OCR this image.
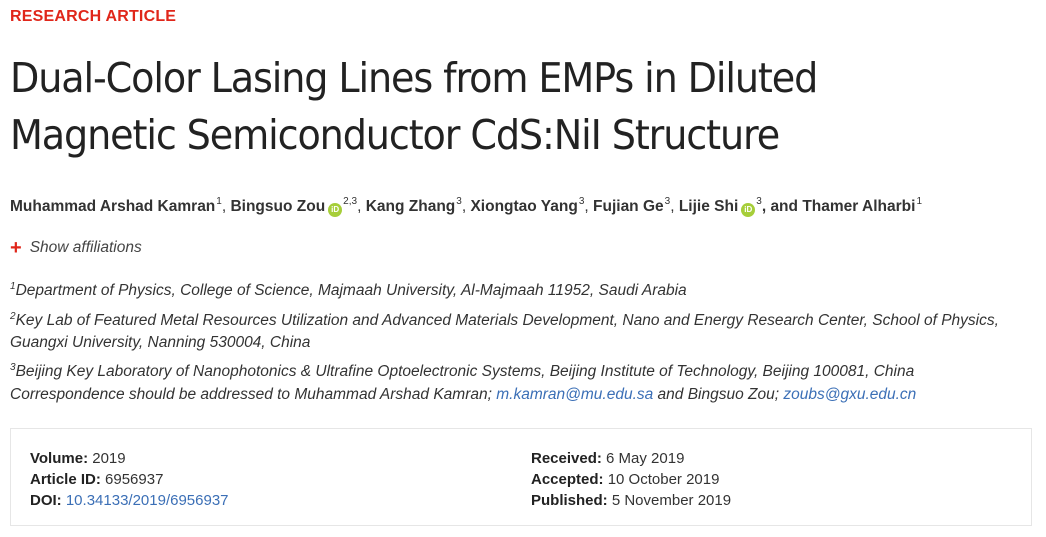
RESEARCH ARTICLE
Dual-Color Lasing Lines from EMPs in Diluted
Magnetic Semiconductor CdS:NiI Structure
Muhammad Arshad Kamran$^1$, Bingsuo Zou iD$^{2,3}$, Kang Zhang$^3$, Xiongtao Yang$^3$, Fujian Ge$^3$, Lijie Shi $iD^3$, and Thamer Alharbi$^1$
+ Show affiliations
$^1$Department of Physics, College of Science, Majmaah University, Al-Majmaah 11952, Saudi Arabia
$^2$Key Lab of Featured Metal Resources Utilization and Advanced Materials Development, Nano and Energy Research Center, School of Physics, Guangxi University, Nanning 530004, China
$^3$Beijing Key Laboratory of Nanophotonics & Ultrafine Optoelectronic Systems, Beijing Institute of Technology, Beijing 100081, China
Correspondence should be addressed to Muhammad Arshad Kamran; m.kamran@mu.edu.sa and Bingsuo Zou; zoubs@gxu.edu.cn
Volume: 2019
Article ID: 6956937
DOI: 10.34133/2019/6956937
Received: 6 May 2019
Accepted: 10 October 2019
Published: 5 November 2019
